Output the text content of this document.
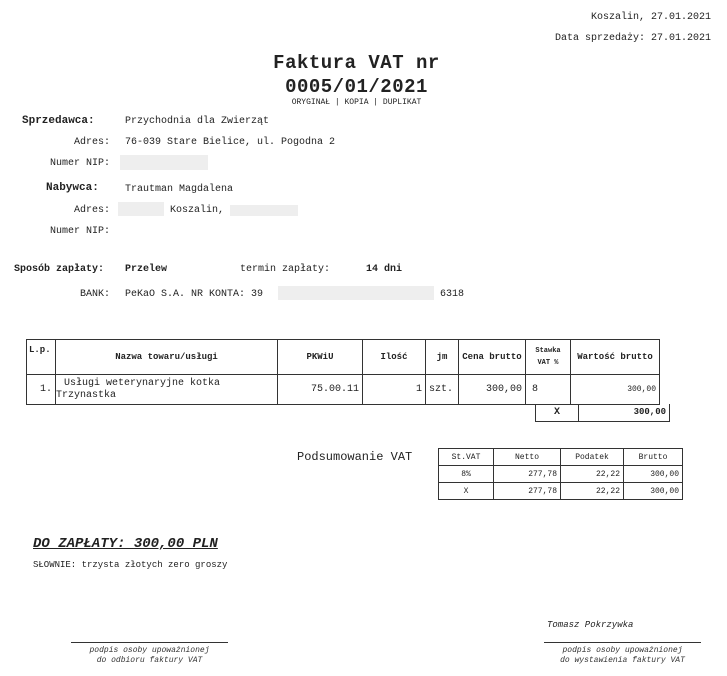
Koszalin, 27.01.2021
Data sprzedaży: 27.01.2021
Faktura VAT nr
0005/01/2021
ORYGINAŁ | KOPIA | DUPLIKAT
Sprzedawca:	Przychodnia dla Zwierząt
Adres: 76-039 Stare Bielice, ul. Pogodna 2
Numer NIP:
Nabywca:	Trautman Magdalena
Adres:	Koszalin,
Numer NIP:
Sposób zapłaty: Przelew	termin zapłaty:	14 dni
BANK: PeKaO S.A. NR KONTA: 39	6318
L.p.	Nazwa towaru/usługi	PKWiU	Ilość	jm	Cena brutto	Stawka VAT %	Wartość brutto
1.	Usługi weterynaryjne kotka
Trzynastka	75.00.11	1	szt.	300,00	8	300,00
X	300,00
Podsumowanie VAT	St.VAT	Netto	Podatek	Brutto
8%	277,78	22,22	300,00
X	277,78	22,22	300,00
DO ZAPŁATY: 300,00 PLN
SŁOWNIE: trzysta złotych zero groszy
podpis osoby upoważnionej
do odbioru faktury VAT
Tomasz Pokrzywka
podpis osoby upoważnionej
do wystawienia faktury VAT
